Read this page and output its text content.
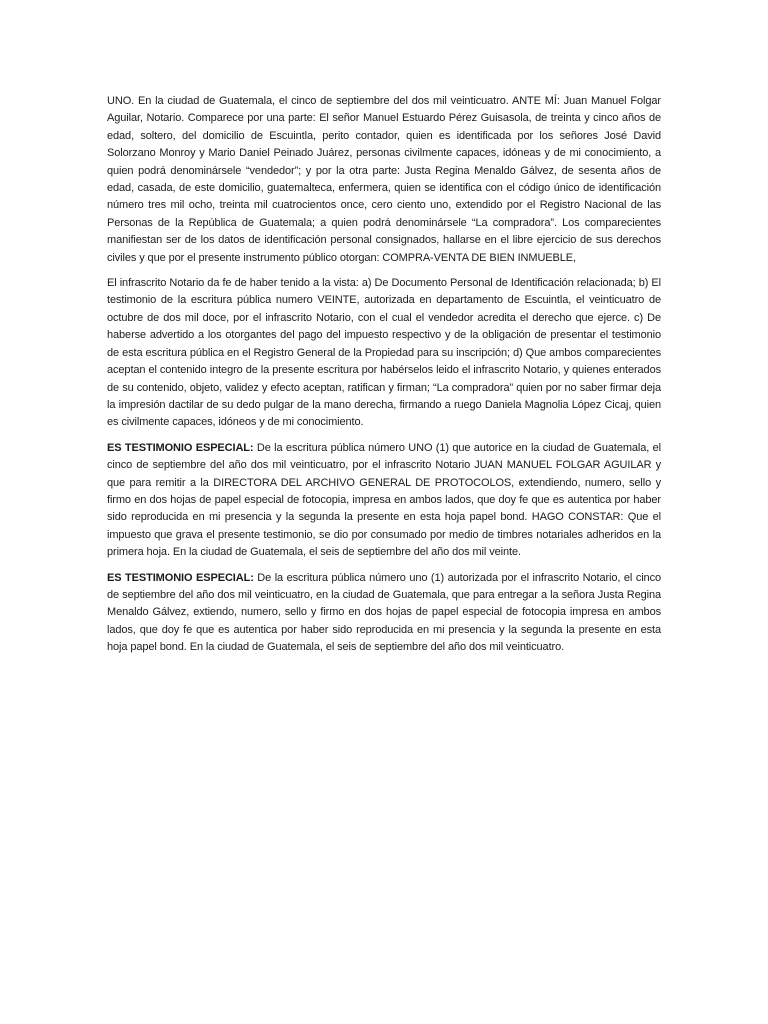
UNO. En la ciudad de Guatemala, el cinco de septiembre del dos mil veinticuatro. ANTE MÍ: Juan Manuel Folgar Aguilar, Notario. Comparece por una parte: El señor Manuel Estuardo Pérez Guisasola, de treinta y cinco años de edad, soltero, del domicilio de Escuintla, perito contador, quien es identificada por los señores José David Solorzano Monroy y Mario Daniel Peinado Juárez, personas civilmente capaces, idóneas y de mi conocimiento, a quien podrá denominársele “vendedor”; y por la otra parte: Justa Regina Menaldo Gálvez, de sesenta años de edad, casada, de este domicilio, guatemalteca, enfermera, quien se identifica con el código único de identificación número tres mil ocho, treinta mil cuatrocientos once, cero ciento uno, extendido por el Registro Nacional de las Personas de la República de Guatemala; a quien podrá denominársele “La compradora”. Los comparecientes manifiestan ser de los datos de identificación personal consignados, hallarse en el libre ejercicio de sus derechos civiles y que por el presente instrumento público otorgan: COMPRA-VENTA DE BIEN INMUEBLE,

El infrascrito Notario da fe de haber tenido a la vista: a) De Documento Personal de Identificación relacionada; b) El testimonio de la escritura pública numero VEINTE, autorizada en departamento de Escuintla, el veinticuatro de octubre de dos mil doce, por el infrascrito Notario, con el cual el vendedor acredita el derecho que ejerce. c) De haberse advertido a los otorgantes del pago del impuesto respectivo y de la obligación de presentar el testimonio de esta escritura pública en el Registro General de la Propiedad para su inscripción; d) Que ambos comparecientes aceptan el contenido integro de la presente escritura por habérselos leido el infrascrito Notario, y quienes enterados de su contenido, objeto, validez y efecto aceptan, ratifican y firman; “La compradora” quien por no saber firmar deja la impresión dactilar de su dedo pulgar de la mano derecha, firmando a ruego Daniela Magnolia López Cicaj, quien es civilmente capaces, idóneos y de mi conocimiento.

ES TESTIMONIO ESPECIAL: De la escritura pública número UNO (1) que autorice en la ciudad de Guatemala, el cinco de septiembre del año dos mil veinticuatro, por el infrascrito Notario JUAN MANUEL FOLGAR AGUILAR y que para remitir a la DIRECTORA DEL ARCHIVO GENERAL DE PROTOCOLOS, extendiendo, numero, sello y firmo en dos hojas de papel especial de fotocopia, impresa en ambos lados, que doy fe que es autentica por haber sido reproducida en mi presencia y la segunda la presente en esta hoja papel bond. HAGO CONSTAR: Que el impuesto que grava el presente testimonio, se dio por consumado por medio de timbres notariales adheridos en la primera hoja. En la ciudad de Guatemala, el seis de septiembre del año dos mil veinte.

ES TESTIMONIO ESPECIAL: De la escritura pública número uno (1) autorizada por el infrascrito Notario, el cinco de septiembre del año dos mil veinticuatro, en la ciudad de Guatemala, que para entregar a la señora Justa Regina Menaldo Gálvez, extiendo, numero, sello y firmo en dos hojas de papel especial de fotocopia impresa en ambos lados, que doy fe que es autentica por haber sido reproducida en mi presencia y la segunda la presente en esta hoja papel bond. En la ciudad de Guatemala, el seis de septiembre del año dos mil veinticuatro.
